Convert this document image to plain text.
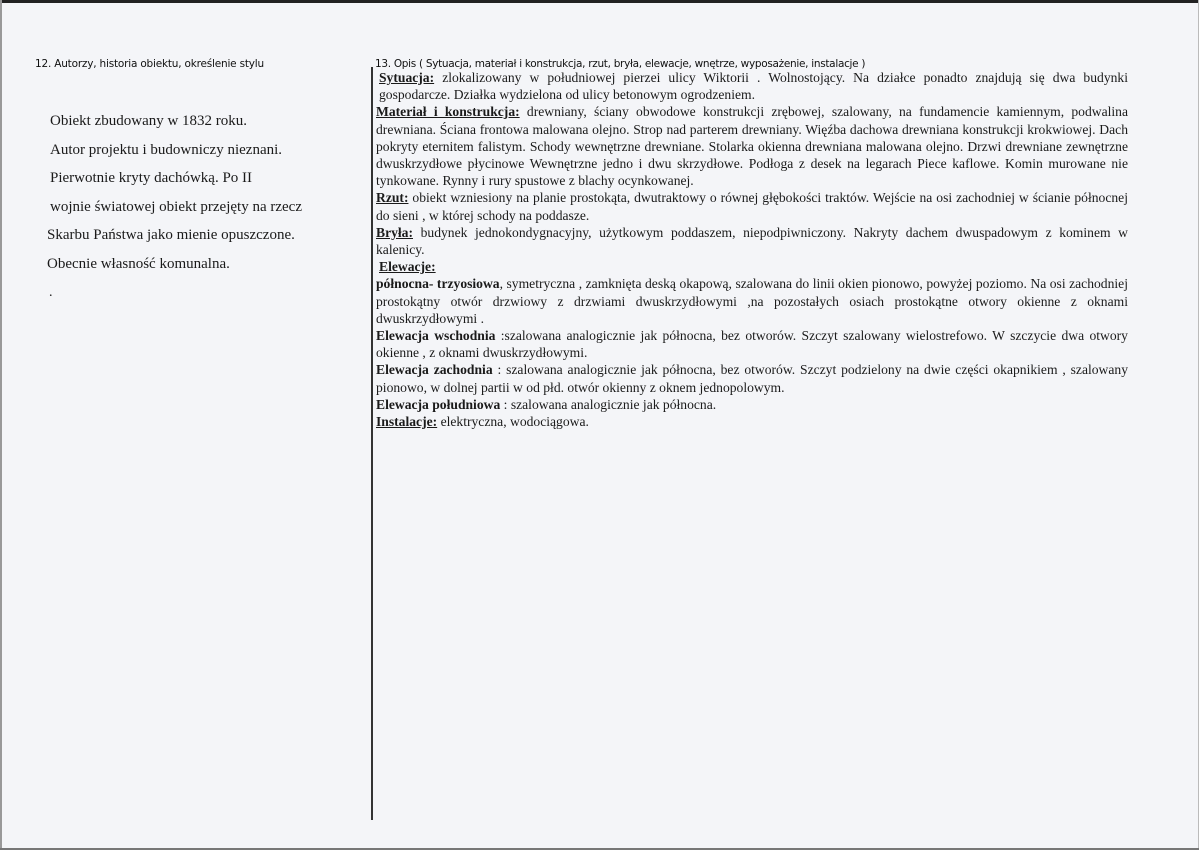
12. Autorzy, historia obiektu, określenie stylu
Obiekt zbudowany w 1832 roku.
Autor projektu i budowniczy nieznani.
Pierwotnie kryty dachówką. Po II
wojnie światowej obiekt przejęty na rzecz
Skarbu Państwa jako mienie opuszczone.
Obecnie własność komunalna.
.
13. Opis ( Sytuacja, materiał i konstrukcja, rzut, bryła, elewacje, wnętrze, wyposażenie, instalacje )

Sytuacja: zlokalizowany w południowej pierzei ulicy Wiktorii . Wolnostojący. Na działce ponadto znajdują się dwa budynki gospodarcze. Działka wydzielona od ulicy betonowym ogrodzeniem.

Materiał i konstrukcja: drewniany, ściany obwodowe konstrukcji zrębowej, szalowany, na fundamencie kamiennym, podwalina drewniana. Ściana frontowa malowana olejno. Strop nad parterem drewniany. Więźba dachowa drewniana konstrukcji krokwiowej. Dach pokryty eternitem falistym. Schody wewnętrzne drewniane. Stolarka okienna drewniana malowana olejno. Drzwi drewniane zewnętrzne dwuskrzydłowe płycinowe Wewnętrzne jedno i dwu skrzydłowe. Podłoga z desek na legarach Piece kaflowe. Komin murowane nie tynkowane. Rynny i rury spustowe z blachy ocynkowanej.

Rzut: obiekt wzniesiony na planie prostokąta, dwutraktowy o równej głębokości traktów. Wejście na osi zachodniej w ścianie północnej do sieni , w której schody na poddasze.

Bryła: budynek jednokondygnacyjny, użytkowym poddaszem, niepodpiwniczony. Nakryty dachem dwuspadowym z kominem w kalenicy.

Elewacje:

północna- trzyosiowa, symetryczna , zamknięta deską okapową, szalowana do linii okien pionowo, powyżej poziomo. Na osi zachodniej prostokątny otwór drzwiowy z drzwiami dwuskrzydłowymi ,na pozostałych osiach prostokątne otwory okienne z oknami dwuskrzydłowymi .

Elewacja wschodnia :szalowana analogicznie jak północna, bez otworów. Szczyt szalowany wielostrefowo. W szczycie dwa otwory okienne , z oknami dwuskrzydłowymi.

Elewacja zachodnia : szalowana analogicznie jak północna, bez otworów. Szczyt podzielony na dwie części okapnikiem , szalowany pionowo, w dolnej partii w od płd. otwór okienny z oknem jednopolowym.

Elewacja południowa : szalowana analogicznie jak północna.

Instalacje: elektryczna, wodociągowa.
